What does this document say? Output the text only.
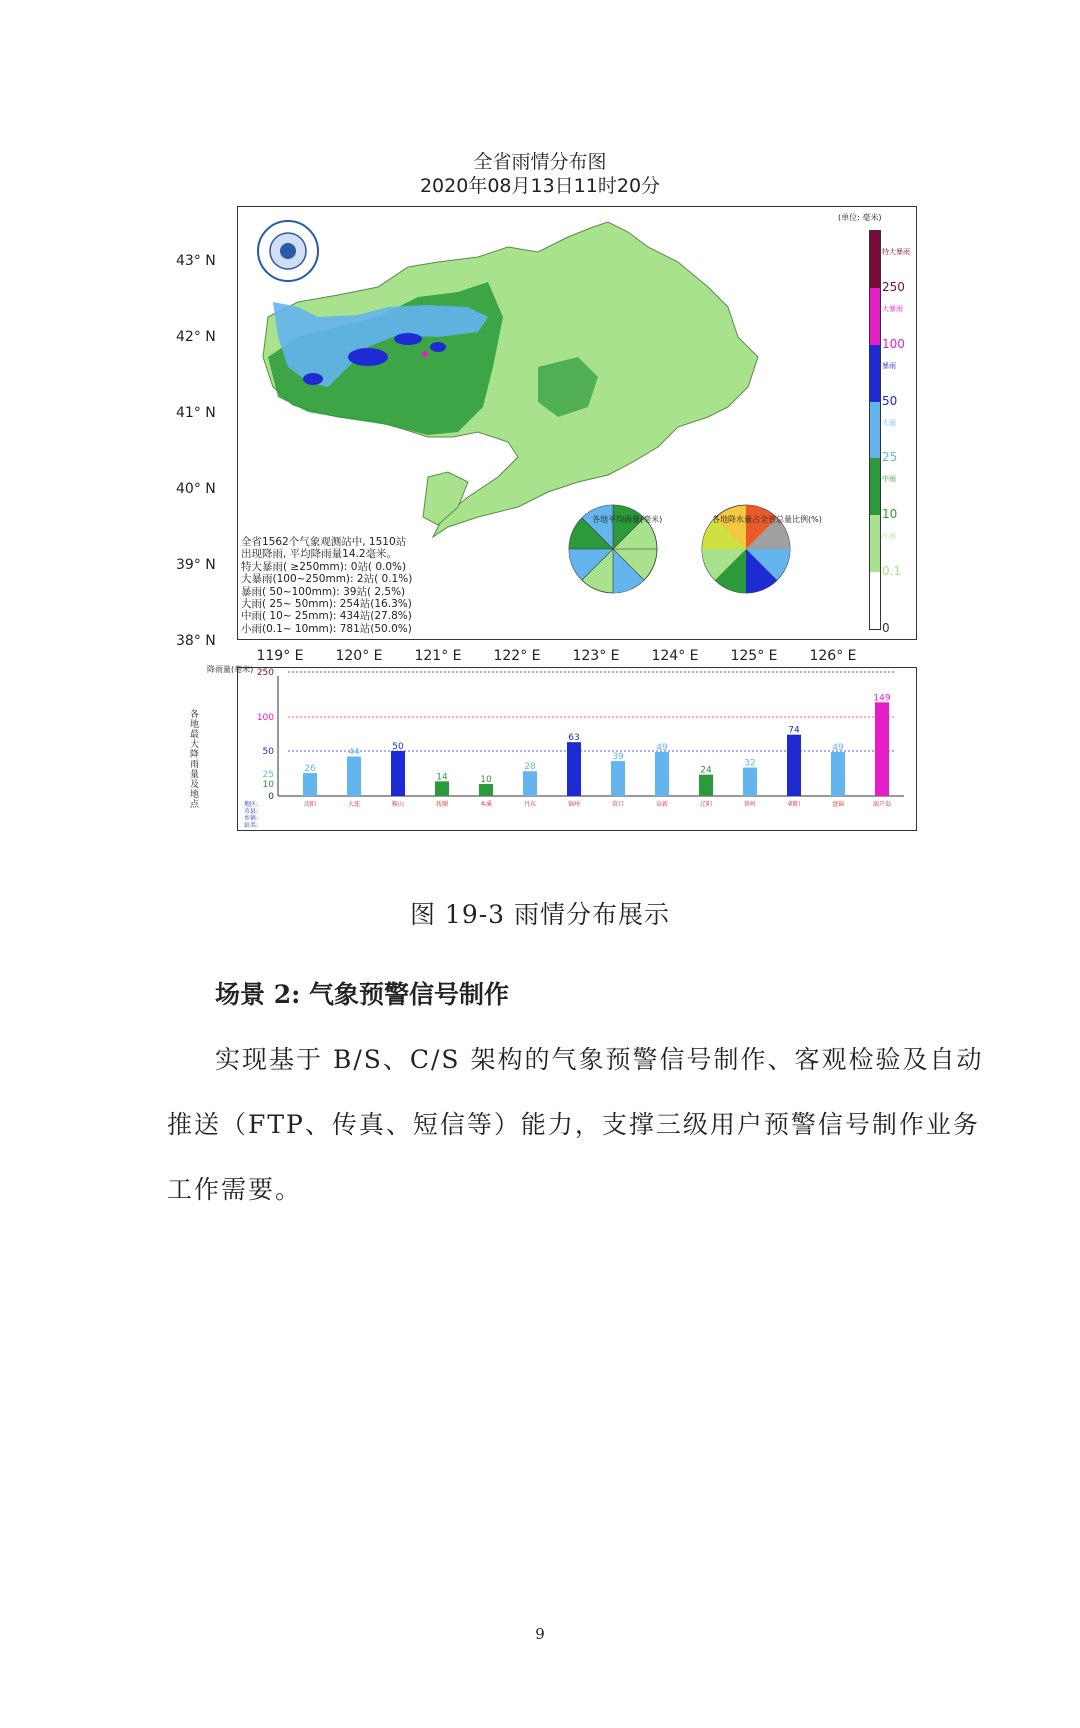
全省雨情分布图
2020年08月13日11时20分
43° N
42° N
41° N
40° N
39° N
38° N
各地平均雨量(毫米)	各地降水量占全省总量比例(%)
全省1562个气象观测站中, 1510站
出现降雨, 平均降雨量14.2毫米。
特大暴雨( ≥250mm): 0站( 0.0%)
大暴雨(100~250mm): 2站( 0.1%)
暴雨( 50~100mm): 39站( 2.5%)
大雨( 25~ 50mm): 254站(16.3%)
中雨( 10~ 25mm): 434站(27.8%)
小雨(0.1~ 10mm): 781站(50.0%)
(单位: 毫米)
特大暴雨
250
大暴雨
100
暴雨
50
大雨
25
中雨
10
小雨
0.1
0
119° E	120° E	121° E	122° E	123° E	124° E	125° E	126° E
0
10
25
50
100
250
26
沈阳
44
大连
50
鞍山
14
抚顺
10
本溪
28
丹东
63
锦州
39
营口
49
阜新
24
辽阳
32
铁岭
74
朝阳
49
盘锦
149
葫芦岛
地区:
市县:
乡镇:
站名:
降雨量(毫米)
各地最大降雨量及地点
图 19-3 雨情分布展示
场景 2: 气象预警信号制作
实现基于 B/S、C/S 架构的气象预警信号制作、客观检验及自动
推送（FTP、传真、短信等）能力，支撑三级用户预警信号制作业务
工作需要。
9
